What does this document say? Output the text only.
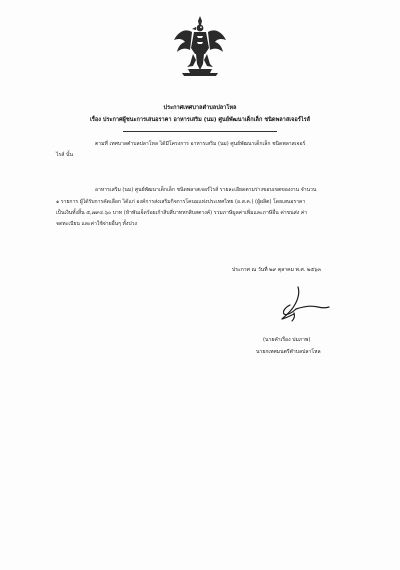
ประกาศเทศบาลตำบลปลาโหล
เรื่อง ประกาศผู้ชนะการเสนอราคา อาหารเสริม (นม) ศูนย์พัฒนาเด็กเล็ก ชนิดพลาสเจอร์ไรส์
ตามที่ เทศบาลตำบลปลาโหล ได้มีโครงการ อาหารเสริม (นม) ศูนย์พัฒนาเด็กเล็ก ชนิดพลาสเจอร์
ไรส์ นั้น
อาหารเสริม (นม) ศูนย์พัฒนาเด็กเล็ก ชนิดพลาสเจอร์ไรส์ รายละเอียดตามร่างขอบเขตของงาน จำนวน
๑ รายการ ผู้ได้รับการคัดเลือก ได้แก่ องค์การส่งเสริมกิจการโคนมแห่งประเทศไทย (อ.ส.ค.) (ผู้ผลิต) โดยเสนอราคา
เป็นเงินทั้งสิ้น ๕,๗๙๔.๖๐ บาท (ห้าพันเจ็ดร้อยเก้าสิบสี่บาทหกสิบสตางค์) รวมภาษีมูลค่าเพิ่มและภาษีอื่น ค่าขนส่ง ค่า
จดทะเบียน และค่าใช้จ่ายอื่นๆ ทั้งปวง
ประกาศ ณ วันที่ ๒๙ ตุลาคม พ.ศ. ๒๕๖๓
(นายคำเรือง บ่มภาพ)
นายกเทศมนตรีตำบลปลาโหล
